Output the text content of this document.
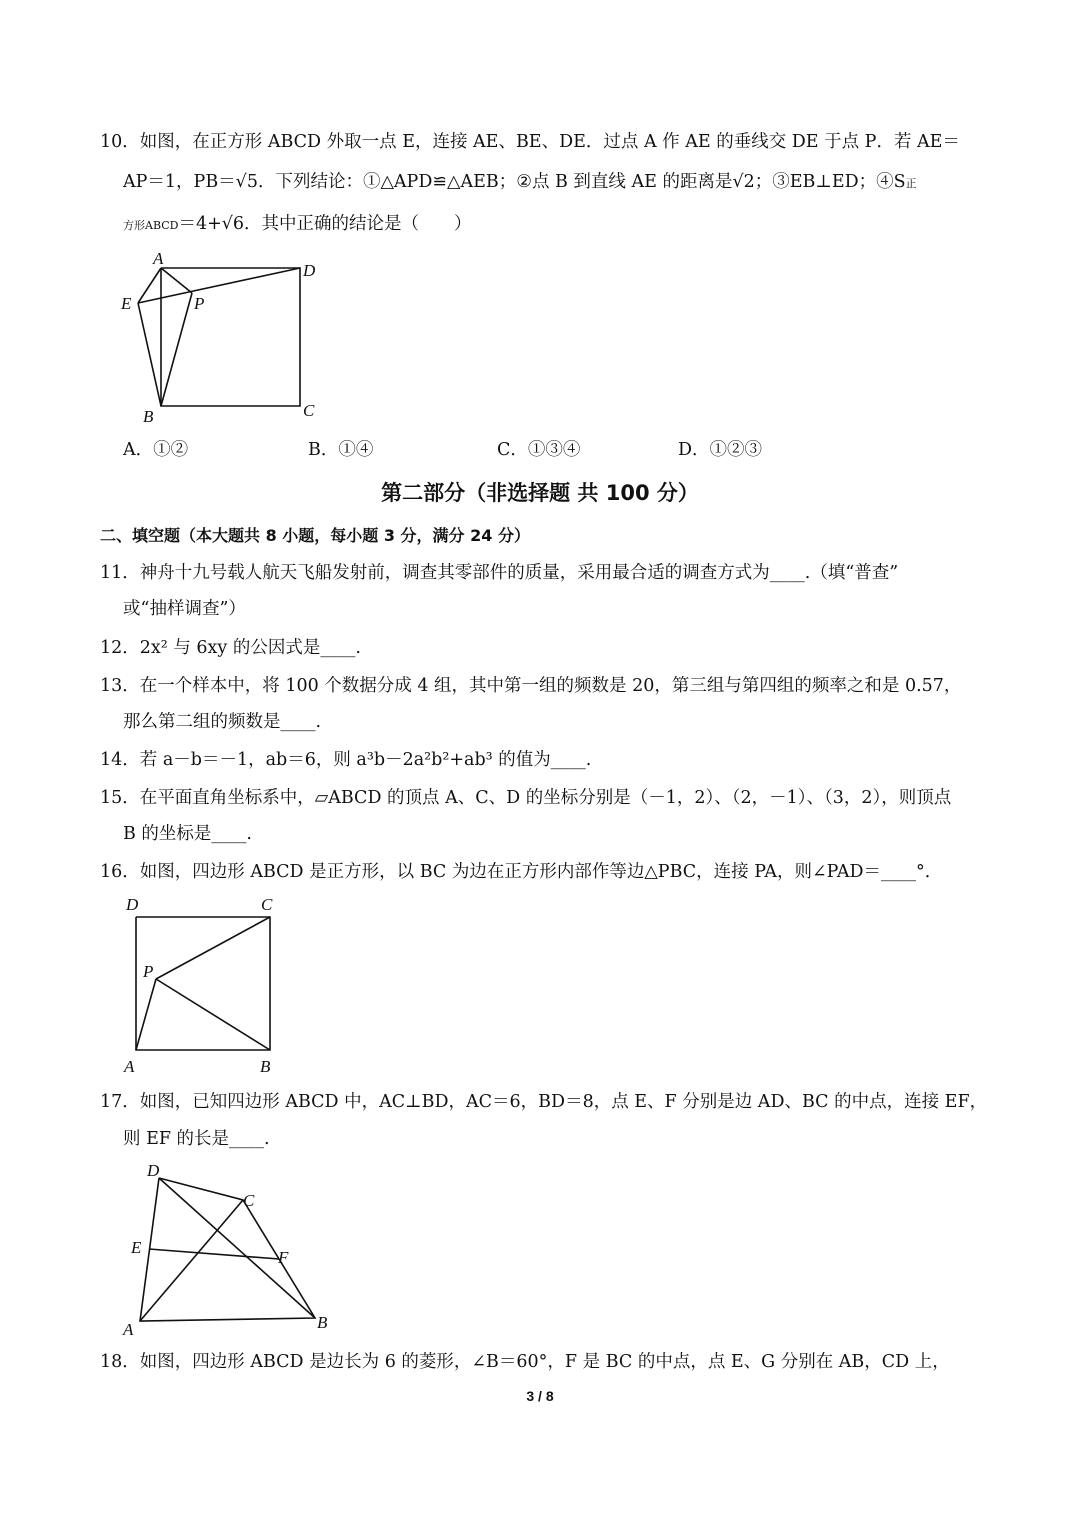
10．如图，在正方形 ABCD 外取一点 E，连接 AE、BE、DE．过点 A 作 AE 的垂线交 DE 于点 P．若 AE＝
AP＝1，PB＝√5．下列结论：①△APD≌△AEB；②点 B 到直线 AE 的距离是√2；③EB⊥ED；④S正
方形ABCD＝4+√6．其中正确的结论是（　　）
A
D
E	P
B	C
A．①②	B．①④	C．①③④	D．①②③
第二部分（非选择题 共 100 分）
二、填空题（本大题共 8 小题，每小题 3 分，满分 24 分）
11．神舟十九号载人航天飞船发射前，调查其零部件的质量，采用最合适的调查方式为____.（填“普查”
或“抽样调查”）
12．2x² 与 6xy 的公因式是____.
13．在一个样本中，将 100 个数据分成 4 组，其中第一组的频数是 20，第三组与第四组的频率之和是 0.57，
那么第二组的频数是____.
14．若 a－b＝－1，ab＝6，则 a³b－2a²b²+ab³ 的值为____.
15．在平面直角坐标系中，▱ABCD 的顶点 A、C、D 的坐标分别是（－1，2）、（2，－1）、（3，2），则顶点
B 的坐标是____.
16．如图，四边形 ABCD 是正方形，以 BC 为边在正方形内部作等边△PBC，连接 PA，则∠PAD＝____°．
D	C
P
A	B
17．如图，已知四边形 ABCD 中，AC⊥BD，AC＝6，BD＝8，点 E、F 分别是边 AD、BC 的中点，连接 EF，
则 EF 的长是____.
D
C
E
F
A	B
18．如图，四边形 ABCD 是边长为 6 的菱形，∠B＝60°，F 是 BC 的中点，点 E、G 分别在 AB，CD 上，
3 / 8
